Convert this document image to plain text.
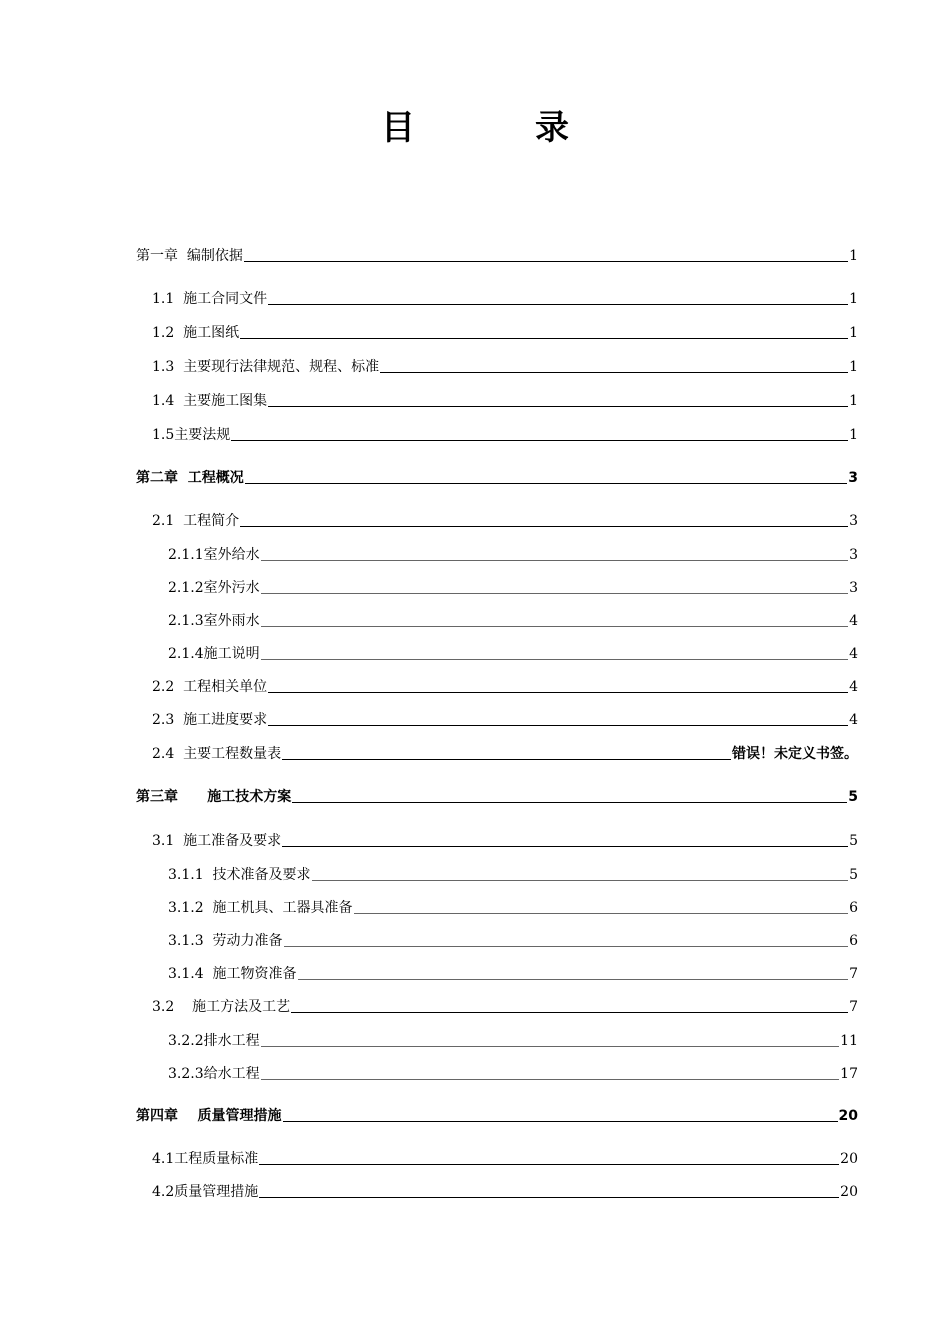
目	录
第一章  编制依据	1
1.1  施工合同文件	1
1.2  施工图纸	1
1.3  主要现行法律规范、规程、标准	1
1.4  主要施工图集	1
1.5主要法规	1
第二章  工程概况	3
2.1  工程简介	3
2.1.1室外给水	3
2.1.2室外污水	3
2.1.3室外雨水	4
2.1.4施工说明	4
2.2  工程相关单位	4
2.3  施工进度要求	4
2.4  主要工程数量表	错误！未定义书签。
第三章      施工技术方案	5
3.1  施工准备及要求	5
3.1.1  技术准备及要求	5
3.1.2  施工机具、工器具准备	6
3.1.3  劳动力准备	6
3.1.4  施工物资准备	7
3.2    施工方法及工艺	7
3.2.2排水工程	11
3.2.3给水工程	17
第四章    质量管理措施	20
4.1工程质量标准	20
4.2质量管理措施	20
